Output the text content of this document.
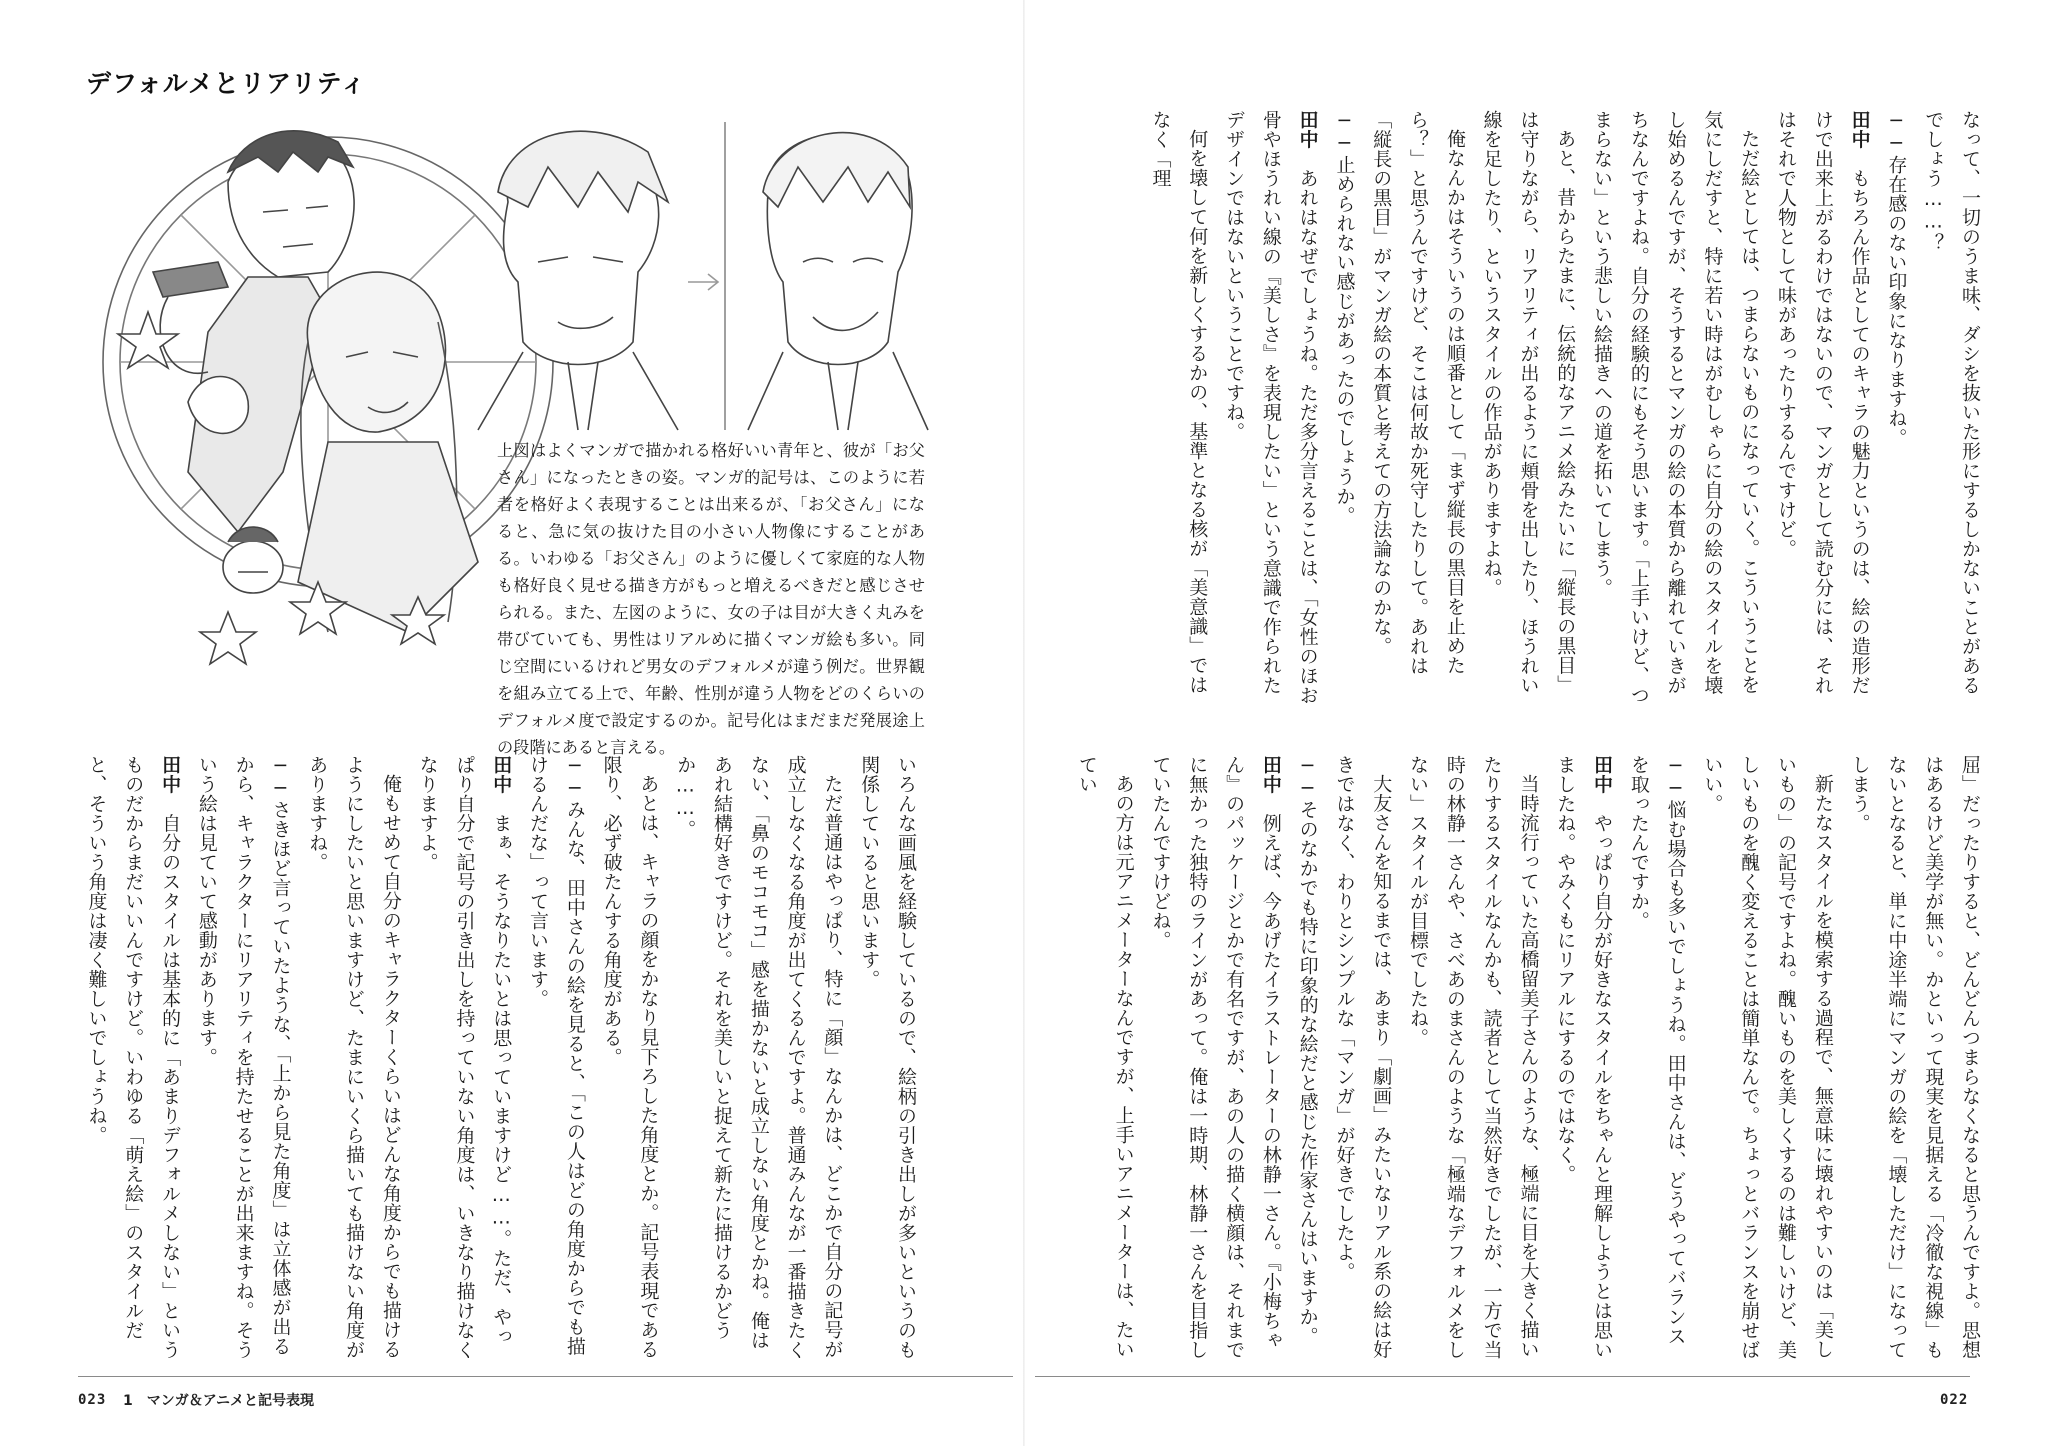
デフォルメとリアリティ

上図はよくマンガで描かれる格好いい青年と、彼が「お父さん」になったときの姿。マンガ的記号は、このように若者を格好よく表現することは出来るが、「お父さん」になると、急に気の抜けた目の小さい人物像にすることがある。いわゆる「お父さん」のように優しくて家庭的な人物も格好良く見せる描き方がもっと増えるべきだと感じさせられる。また、左図のように、女の子は目が大きく丸みを帯びていても、男性はリアルめに描くマンガ絵も多い。同じ空間にいるけれど男女のデフォルメが違う例だ。世界観を組み立てる上で、年齢、性別が違う人物をどのくらいのデフォルメ度で設定するのか。記号化はまだまだ発展途上の段階にあると言える。

いろんな画風を経験しているので、絵柄の引き出しが多いというのも関係していると思います。

ただ普通はやっぱり、特に「顔」なんかは、どこかで自分の記号が成立しなくなる角度が出てくるんですよ。普通みんなが一番描きたくない、「鼻のモコモコ」感を描かないと成立しない角度とかね。俺はあれ結構好きですけど。それを美しいと捉えて新たに描けるかどうか……。

あとは、キャラの顔をかなり見下ろした角度とか。記号表現である限り、必ず破たんする角度がある。

──みんな、田中さんの絵を見ると、「この人はどの角度からでも描けるんだな」って言います。

田中　まぁ、そうなりたいとは思っていますけど……。ただ、やっぱり自分で記号の引き出しを持っていない角度は、いきなり描けなくなりますよ。

俺もせめて自分のキャラクターくらいはどんな角度からでも描けるようにしたいと思いますけど、たまにいくら描いても描けない角度がありますね。

──さきほど言っていたような、「上から見た角度」は立体感が出るから、キャラクターにリアリティを持たせることが出来ますね。そういう絵は見ていて感動があります。

田中　自分のスタイルは基本的に「あまりデフォルメしない」というものだからまだいいんですけど。いわゆる「萌え絵」のスタイルだと、そういう角度は凄く難しいでしょうね。

なって、一切のうま味、ダシを抜いた形にするしかないことがあるでしょう……？

──存在感のない印象になりますね。

田中　もちろん作品としてのキャラの魅力というのは、絵の造形だけで出来上がるわけではないので、マンガとして読む分には、それはそれで人物として味があったりするんですけど。

ただ絵としては、つまらないものになっていく。こういうことを気にしだすと、特に若い時はがむしゃらに自分の絵のスタイルを壊し始めるんですが、そうするとマンガの絵の本質から離れていきがちなんですよね。自分の経験的にもそう思います。「上手いけど、つまらない」という悲しい絵描きへの道を拓いてしまう。

あと、昔からたまに、伝統的なアニメ絵みたいに「縦長の黒目」は守りながら、リアリティが出るように頬骨を出したり、ほうれい線を足したり、というスタイルの作品がありますよね。

俺なんかはそういうのは順番として「まず縦長の黒目を止めたら？」と思うんですけど、そこは何故か死守したりして。あれは「縦長の黒目」がマンガ絵の本質と考えての方法論なのかな。

──止められない感じがあったのでしょうか。

田中　あれはなぜでしょうね。ただ多分言えることは、「女性のほお骨やほうれい線の『美しさ』を表現したい」という意識で作られたデザインではないということですね。

何を壊して何を新しくするかの、基準となる核が「美意識」ではなく「理

屈」だったりすると、どんどんつまらなくなると思うんですよ。思想はあるけど美学が無い。かといって現実を見据える「冷徹な視線」もないとなると、単に中途半端にマンガの絵を「壊しただけ」になってしまう。

新たなスタイルを模索する過程で、無意味に壊れやすいのは「美しいもの」の記号ですよね。醜いものを美しくするのは難しいけど、美しいものを醜く変えることは簡単なんで。ちょっとバランスを崩せばいい。

──悩む場合も多いでしょうね。田中さんは、どうやってバランスを取ったんですか。

田中　やっぱり自分が好きなスタイルをちゃんと理解しようとは思いましたね。やみくもにリアルにするのではなく。

当時流行っていた高橋留美子さんのような、極端に目を大きく描いたりするスタイルなんかも、読者として当然好きでしたが、一方で当時の林静一さんや、さべあのまさんのような「極端なデフォルメをしない」スタイルが目標でしたね。

大友さんを知るまでは、あまり「劇画」みたいなリアル系の絵は好きではなく、わりとシンプルな「マンガ」が好きでしたよ。

──そのなかでも特に印象的な絵だと感じた作家さんはいますか。

田中　例えば、今あげたイラストレーターの林静一さん。『小梅ちゃん』のパッケージとかで有名ですが、あの人の描く横顔は、それまでに無かった独特のラインがあって。俺は一時期、林静一さんを目指していたんですけどね。

あの方は元アニメーターなんですが、上手いアニメーターは、たいてい

023 1　マンガ＆アニメと記号表現	022
